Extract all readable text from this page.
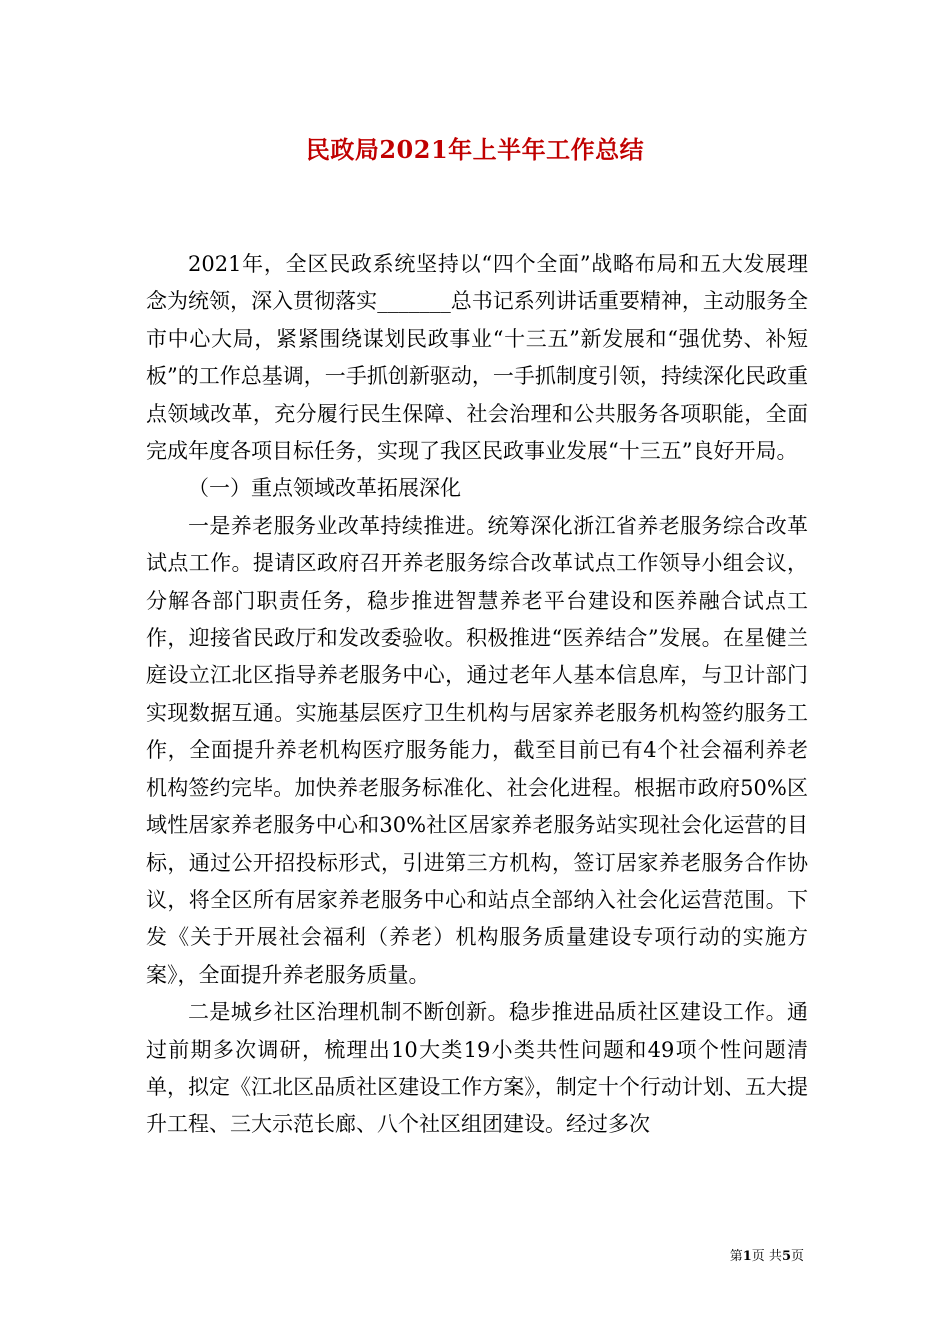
民政局2021年上半年工作总结

2021年，全区民政系统坚持以“四个全面”战略布局和五大发展理念为统领，深入贯彻落实_______总书记系列讲话重要精神，主动服务全市中心大局，紧紧围绕谋划民政事业“十三五”新发展和“强优势、补短板”的工作总基调，一手抓创新驱动，一手抓制度引领，持续深化民政重点领域改革，充分履行民生保障、社会治理和公共服务各项职能，全面完成年度各项目标任务，实现了我区民政事业发展“十三五”良好开局。

（一）重点领域改革拓展深化

一是养老服务业改革持续推进。统筹深化浙江省养老服务综合改革试点工作。提请区政府召开养老服务综合改革试点工作领导小组会议，分解各部门职责任务，稳步推进智慧养老平台建设和医养融合试点工作，迎接省民政厅和发改委验收。积极推进“医养结合”发展。在星健兰庭设立江北区指导养老服务中心，通过老年人基本信息库，与卫计部门实现数据互通。实施基层医疗卫生机构与居家养老服务机构签约服务工作，全面提升养老机构医疗服务能力，截至目前已有4个社会福利养老机构签约完毕。加快养老服务标准化、社会化进程。根据市政府50%区域性居家养老服务中心和30%社区居家养老服务站实现社会化运营的目标，通过公开招投标形式，引进第三方机构，签订居家养老服务合作协议，将全区所有居家养老服务中心和站点全部纳入社会化运营范围。下发《关于开展社会福利（养老）机构服务质量建设专项行动的实施方案》，全面提升养老服务质量。

二是城乡社区治理机制不断创新。稳步推进品质社区建设工作。通过前期多次调研，梳理出10大类19小类共性问题和49项个性问题清单，拟定《江北区品质社区建设工作方案》，制定十个行动计划、五大提升工程、三大示范长廊、八个社区组团建设。经过多次

第1页 共5页
